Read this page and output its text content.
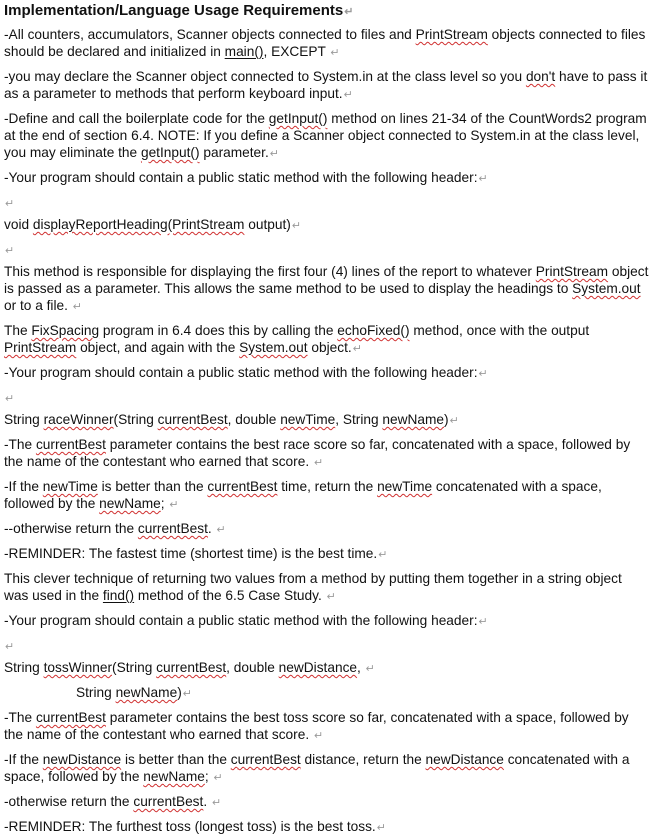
Implementation/Language Usage Requirements↵
-All counters, accumulators, Scanner objects connected to files and PrintStream objects connected to files should be declared and initialized in main(), EXCEPT ↵
-you may declare the Scanner object connected to System.in at the class level so you don't have to pass it as a parameter to methods that perform keyboard input.↵
-Define and call the boilerplate code for the getInput() method on lines 21-34 of the CountWords2 program at the end of section 6.4. NOTE: If you define a Scanner object connected to System.in at the class level, you may eliminate the getInput() parameter.↵
-Your program should contain a public static method with the following header:↵
↵
void displayReportHeading(PrintStream output)↵
↵
This method is responsible for displaying the first four (4) lines of the report to whatever PrintStream object is passed as a parameter. This allows the same method to be used to display the headings to System.out or to a file. ↵
The FixSpacing program in 6.4 does this by calling the echoFixed() method, once with the output PrintStream object, and again with the System.out object.↵
-Your program should contain a public static method with the following header:↵
↵
String raceWinner(String currentBest, double newTime, String newName)↵
-The currentBest parameter contains the best race score so far, concatenated with a space, followed by the name of the contestant who earned that score. ↵
-If the newTime is better than the currentBest time, return the newTime concatenated with a space, followed by the newName; ↵
--otherwise return the currentBest. ↵
-REMINDER: The fastest time (shortest time) is the best time.↵
This clever technique of returning two values from a method by putting them together in a string object was used in the find() method of the 6.5 Case Study. ↵
-Your program should contain a public static method with the following header:↵
↵
String tossWinner(String currentBest, double newDistance, ↵
String newName)↵
-The currentBest parameter contains the best toss score so far, concatenated with a space, followed by the name of the contestant who earned that score. ↵
-If the newDistance is better than the currentBest distance, return the newDistance concatenated with a space, followed by the newName; ↵
-otherwise return the currentBest. ↵
-REMINDER: The furthest toss (longest toss) is the best toss.↵
